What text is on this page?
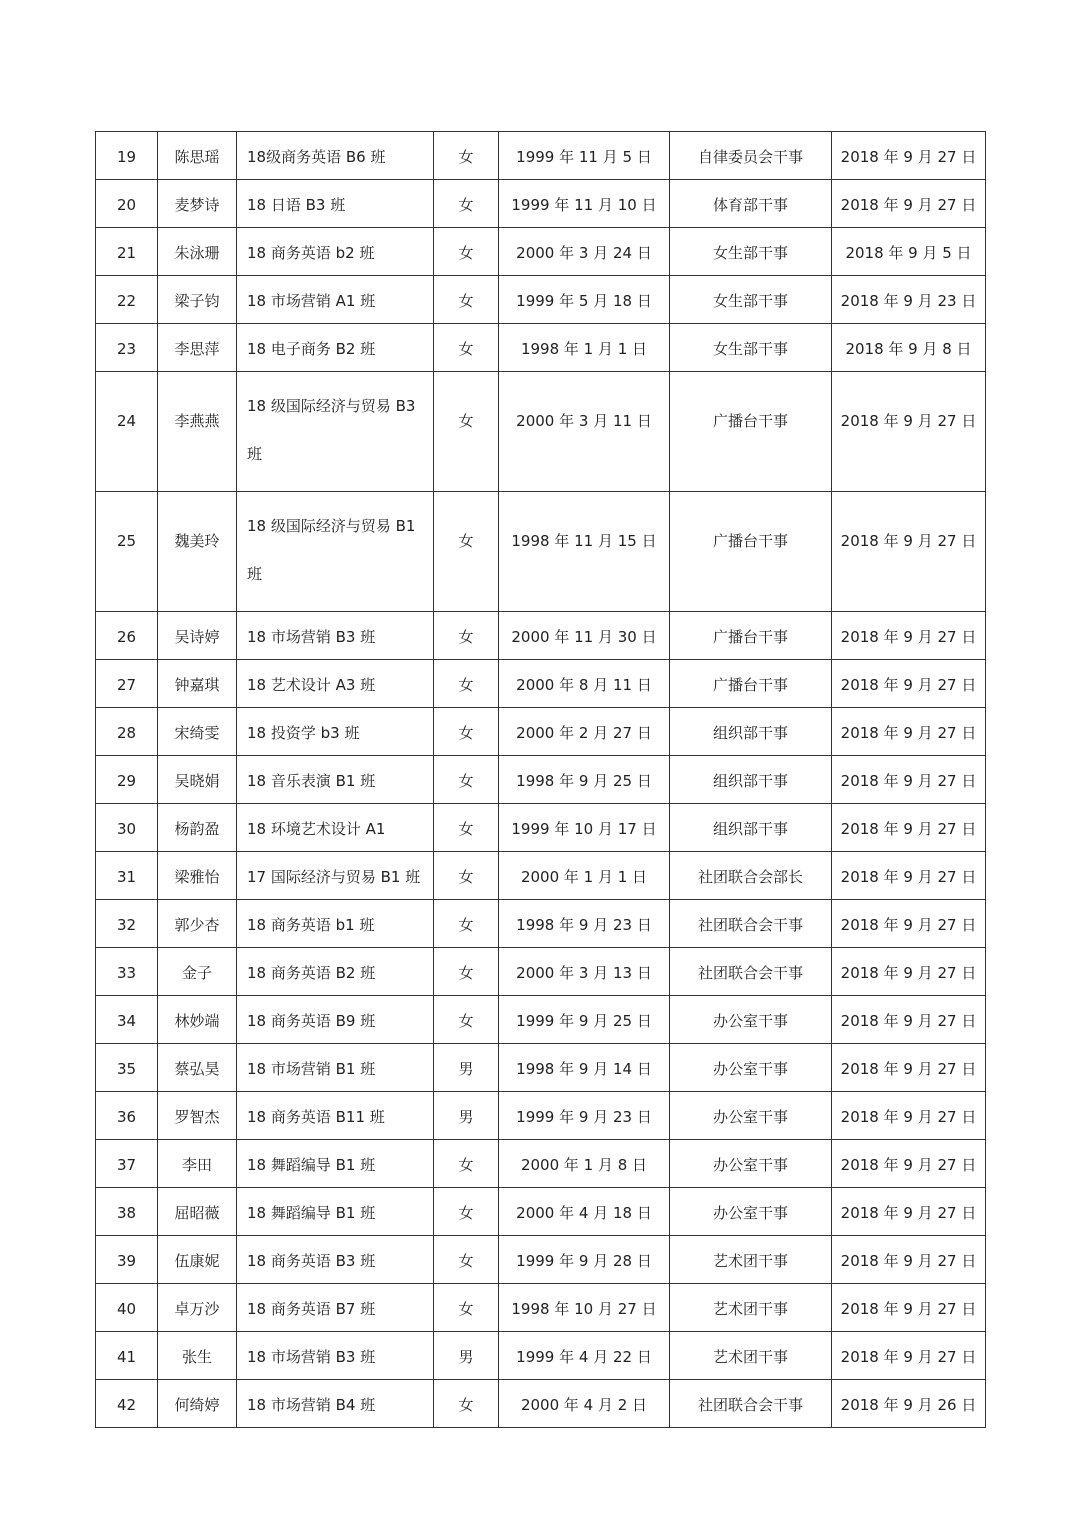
19	陈思瑶	18级商务英语 B6 班	女	1999 年 11 月 5 日	自律委员会干事	2018 年 9 月 27 日
20	麦梦诗	18 日语 B3 班	女	1999 年 11 月 10 日	体育部干事	2018 年 9 月 27 日
21	朱泳珊	18 商务英语 b2 班	女	2000 年 3 月 24 日	女生部干事	2018 年 9 月 5 日
22	梁子钧	18 市场营销 A1 班	女	1999 年 5 月 18 日	女生部干事	2018 年 9 月 23 日
23	李思萍	18 电子商务 B2 班	女	1998 年 1 月 1 日	女生部干事	2018 年 9 月 8 日
24	李燕燕	18 级国际经济与贸易 B3
班	女	2000 年 3 月 11 日	广播台干事	2018 年 9 月 27 日
25	魏美玲	18 级国际经济与贸易 B1
班	女	1998 年 11 月 15 日	广播台干事	2018 年 9 月 27 日
26	吴诗婷	18 市场营销 B3 班	女	2000 年 11 月 30 日	广播台干事	2018 年 9 月 27 日
27	钟嘉琪	18 艺术设计 A3 班	女	2000 年 8 月 11 日	广播台干事	2018 年 9 月 27 日
28	宋绮雯	18 投资学 b3 班	女	2000 年 2 月 27 日	组织部干事	2018 年 9 月 27 日
29	吴晓娟	18 音乐表演 B1 班	女	1998 年 9 月 25 日	组织部干事	2018 年 9 月 27 日
30	杨韵盈	18 环境艺术设计 A1	女	1999 年 10 月 17 日	组织部干事	2018 年 9 月 27 日
31	梁雅怡	17 国际经济与贸易 B1 班	女	2000 年 1 月 1 日	社团联合会部长	2018 年 9 月 27 日
32	郭少杏	18 商务英语 b1 班	女	1998 年 9 月 23 日	社团联合会干事	2018 年 9 月 27 日
33	金子	18 商务英语 B2 班	女	2000 年 3 月 13 日	社团联合会干事	2018 年 9 月 27 日
34	林妙端	18 商务英语 B9 班	女	1999 年 9 月 25 日	办公室干事	2018 年 9 月 27 日
35	蔡弘昊	18 市场营销 B1 班	男	1998 年 9 月 14 日	办公室干事	2018 年 9 月 27 日
36	罗智杰	18 商务英语 B11 班	男	1999 年 9 月 23 日	办公室干事	2018 年 9 月 27 日
37	李田	18 舞蹈编导 B1 班	女	2000 年 1 月 8 日	办公室干事	2018 年 9 月 27 日
38	屈昭薇	18 舞蹈编导 B1 班	女	2000 年 4 月 18 日	办公室干事	2018 年 9 月 27 日
39	伍康妮	18 商务英语 B3 班	女	1999 年 9 月 28 日	艺术团干事	2018 年 9 月 27 日
40	卓万沙	18 商务英语 B7 班	女	1998 年 10 月 27 日	艺术团干事	2018 年 9 月 27 日
41	张生	18 市场营销 B3 班	男	1999 年 4 月 22 日	艺术团干事	2018 年 9 月 27 日
42	何绮婷	18 市场营销 B4 班	女	2000 年 4 月 2 日	社团联合会干事	2018 年 9 月 26 日
